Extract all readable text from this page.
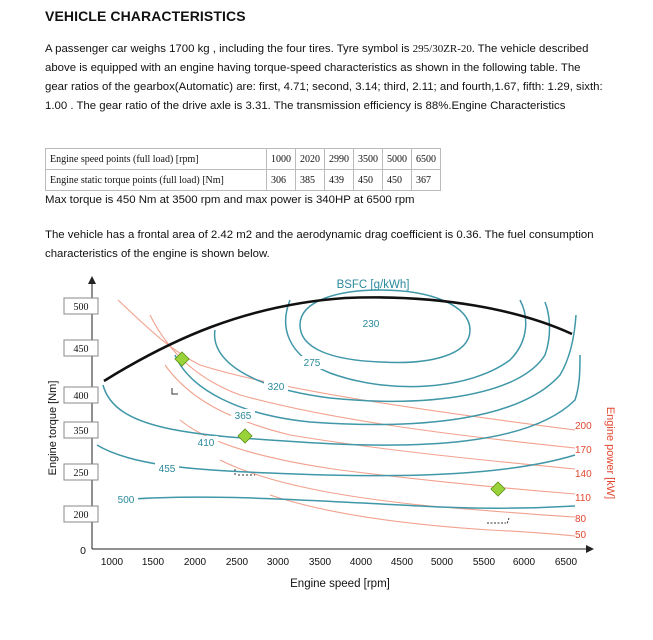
VEHICLE CHARACTERISTICS
A passenger car weighs 1700 kg , including the four tires. Tyre symbol is 295/30ZR-20. The vehicle described above is equipped with an engine having torque-speed characteristics as shown in the following table. The gear ratios of the gearbox(Automatic) are: first, 4.71; second, 3.14; third, 2.11; and fourth,1.67, fifth: 1.29, sixth: 1.00 . The gear ratio of the drive axle is 3.31. The transmission efficiency is 88%.Engine Characteristics
Engine speed points (full load) [rpm]	1000	2020	2990	3500	5000	6500
Engine static torque points (full load) [Nm]	306	385	439	450	450	367
Max torque is 450 Nm at 3500 rpm and max power is 340HP at 6500 rpm
The vehicle has a frontal area of 2.42 m2 and the aerodynamic drag coefficient is 0.36. The fuel consumption characteristics of the engine is shown below.
500
450
400
350
250
200
0
1000 1500 2000 2500 3000 3500 4000 4500 5000 5500 6000 6500
Engine speed [rpm]
Engine torque [Nm]	Engine power [kW]
BSFC [g/kWh]
230
275
320
365
410
455
500
200
170
140
110
80
50
